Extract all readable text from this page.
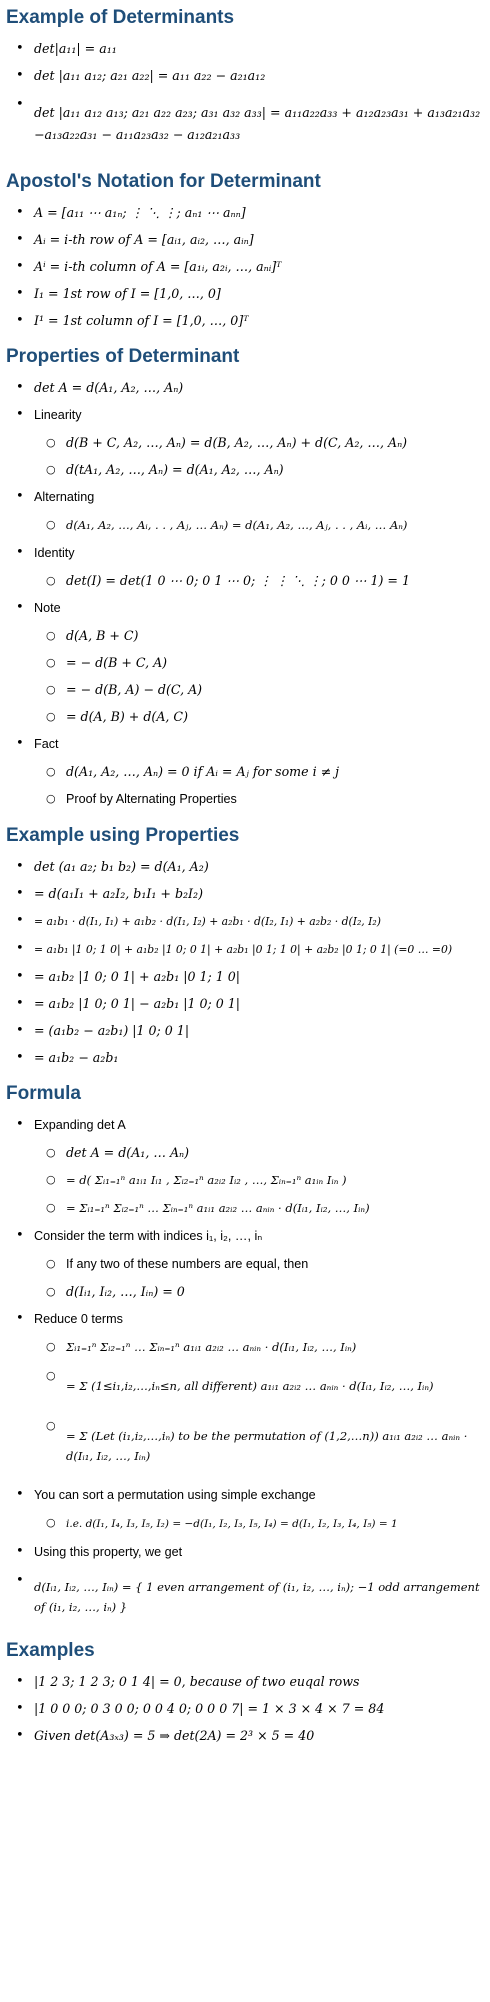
Example of Determinants
• det|a₁₁| = a₁₁
• det |a₁₁ a₁₂; a₂₁ a₂₂| = a₁₁ a₂₂ − a₂₁a₁₂
• det |a₁₁ a₁₂ a₁₃; a₂₁ a₂₂ a₂₃; a₃₁ a₃₂ a₃₃| = a₁₁a₂₂a₃₃ + a₁₂a₂₃a₃₁ + a₁₃a₂₁a₃₂ −a₁₃a₂₂a₃₁ − a₁₁a₂₃a₃₂ − a₁₂a₂₁a₃₃
Apostol's Notation for Determinant
• A = [a₁₁ ⋯ a₁ₙ; ⋮ ⋱ ⋮; aₙ₁ ⋯ aₙₙ]
• Aᵢ = i-th row of A = [aᵢ₁, aᵢ₂, …, aᵢₙ]
• Aⁱ = i-th column of A = [a₁ᵢ, a₂ᵢ, …, aₙᵢ]ᵀ
• I₁ = 1st row of I = [1,0, …, 0]
• I¹ = 1st column of I = [1,0, …, 0]ᵀ
Properties of Determinant
• det A = d(A₁, A₂, …, Aₙ)
• Linearity
○ d(B + C, A₂, …, Aₙ) = d(B, A₂, …, Aₙ) + d(C, A₂, …, Aₙ)
○ d(tA₁, A₂, …, Aₙ) = d(A₁, A₂, …, Aₙ)
• Alternating
○ d(A₁, A₂, …, Aᵢ, . . , Aⱼ, … Aₙ) = d(A₁, A₂, …, Aⱼ, . . , Aᵢ, … Aₙ)
• Identity
○ det(I) = det(1 0 ⋯ 0; 0 1 ⋯ 0; ⋮ ⋮ ⋱ ⋮; 0 0 ⋯ 1) = 1
• Note
○ d(A, B + C)
○ = − d(B + C, A)
○ = − d(B, A) − d(C, A)
○ = d(A, B) + d(A, C)
• Fact
○ d(A₁, A₂, …, Aₙ) = 0 if Aᵢ = Aⱼ for some i ≠ j
○ Proof by Alternating Properties
Example using Properties
• det (a₁ a₂; b₁ b₂) = d(A₁, A₂)
• = d(a₁I₁ + a₂I₂, b₁I₁ + b₂I₂)
• = a₁b₁ · d(I₁, I₁) + a₁b₂ · d(I₁, I₂) + a₂b₁ · d(I₂, I₁) + a₂b₂ · d(I₂, I₂)
• = a₁b₁ |1 0; 1 0| + a₁b₂ |1 0; 0 1| + a₂b₁ |0 1; 1 0| + a₂b₂ |0 1; 0 1| (=0 … =0)
• = a₁b₂ |1 0; 0 1| + a₂b₁ |0 1; 1 0|
• = a₁b₂ |1 0; 0 1| − a₂b₁ |1 0; 0 1|
• = (a₁b₂ − a₂b₁) |1 0; 0 1|
• = a₁b₂ − a₂b₁
Formula
• Expanding det A
○ det A = d(A₁, … Aₙ)
○ = d( Σᵢ₁₌₁ⁿ a₁ᵢ₁ Iᵢ₁ , Σᵢ₂₌₁ⁿ a₂ᵢ₂ Iᵢ₂ , …, Σᵢₙ₌₁ⁿ a₁ᵢₙ Iᵢₙ )
○ = Σᵢ₁₌₁ⁿ Σᵢ₂₌₁ⁿ … Σᵢₙ₌₁ⁿ a₁ᵢ₁ a₂ᵢ₂ … aₙᵢₙ · d(Iᵢ₁, Iᵢ₂, …, Iᵢₙ)
• Consider the term with indices i₁, i₂, …, iₙ
○ If any two of these numbers are equal, then
○ d(Iᵢ₁, Iᵢ₂, …, Iᵢₙ) = 0
• Reduce 0 terms
○ Σᵢ₁₌₁ⁿ Σᵢ₂₌₁ⁿ … Σᵢₙ₌₁ⁿ a₁ᵢ₁ a₂ᵢ₂ … aₙᵢₙ · d(Iᵢ₁, Iᵢ₂, …, Iᵢₙ)
○ = Σ (1≤i₁,i₂,…,iₙ≤n, all different) a₁ᵢ₁ a₂ᵢ₂ … aₙᵢₙ · d(Iᵢ₁, Iᵢ₂, …, Iᵢₙ)
○ = Σ (Let (i₁,i₂,…,iₙ) to be the permutation of (1,2,…n)) a₁ᵢ₁ a₂ᵢ₂ … aₙᵢₙ · d(Iᵢ₁, Iᵢ₂, …, Iᵢₙ)
• You can sort a permutation using simple exchange
○ i.e. d(I₁, I₄, I₃, I₅, I₂) = −d(I₁, I₂, I₃, I₅, I₄) = d(I₁, I₂, I₃, I₄, I₅) = 1
• Using this property, we get
• d(Iᵢ₁, Iᵢ₂, …, Iᵢₙ) = { 1 even arrangement of (i₁, i₂, …, iₙ); −1 odd arrangement of (i₁, i₂, …, iₙ) }
Examples
• |1 2 3; 1 2 3; 0 1 4| = 0, because of two euqal rows
• |1 0 0 0; 0 3 0 0; 0 0 4 0; 0 0 0 7| = 1 × 3 × 4 × 7 = 84
• Given det(A₃ₓ₃) = 5 ⇒ det(2A) = 2³ × 5 = 40
